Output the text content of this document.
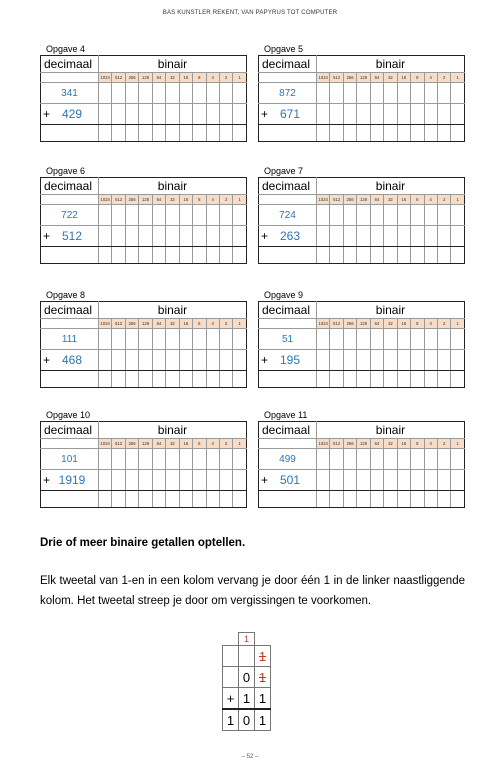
BAS KUNSTLER REKENT, VAN PAPYRUS TOT COMPUTER
Opgave 4
decimaal	binair										
	1024	512	256	128	64	32	16	8	4	2	1
341											
+ 429											

Opgave 5
decimaal	binair										
	1024	512	256	128	64	32	16	8	4	2	1
872											
+ 671											

Opgave 6
decimaal	binair										
	1024	512	256	128	64	32	16	8	4	2	1
722											
+ 512											

Opgave 7
decimaal	binair										
	1024	512	256	128	64	32	16	8	4	2	1
724											
+ 263											

Opgave 8
decimaal	binair										
	1024	512	256	128	64	32	16	8	4	2	1
111											
+ 468											

Opgave 9
decimaal	binair										
	1024	512	256	128	64	32	16	8	4	2	1
51											
+ 195											

Opgave 10
decimaal	binair										
	1024	512	256	128	64	32	16	8	4	2	1
101											
+ 1919											

Opgave 11
decimaal	binair										
	1024	512	256	128	64	32	16	8	4	2	1
499											
+ 501											

Drie of meer binaire getallen optellen.
Elk tweetal van 1-en in een kolom vervang je door één 1 in de linker naastliggende kolom. Het tweetal streep je door om vergissingen te voorkomen.
	1	
		1
	0	1
+	1	1
1	0	1
– 52 –
